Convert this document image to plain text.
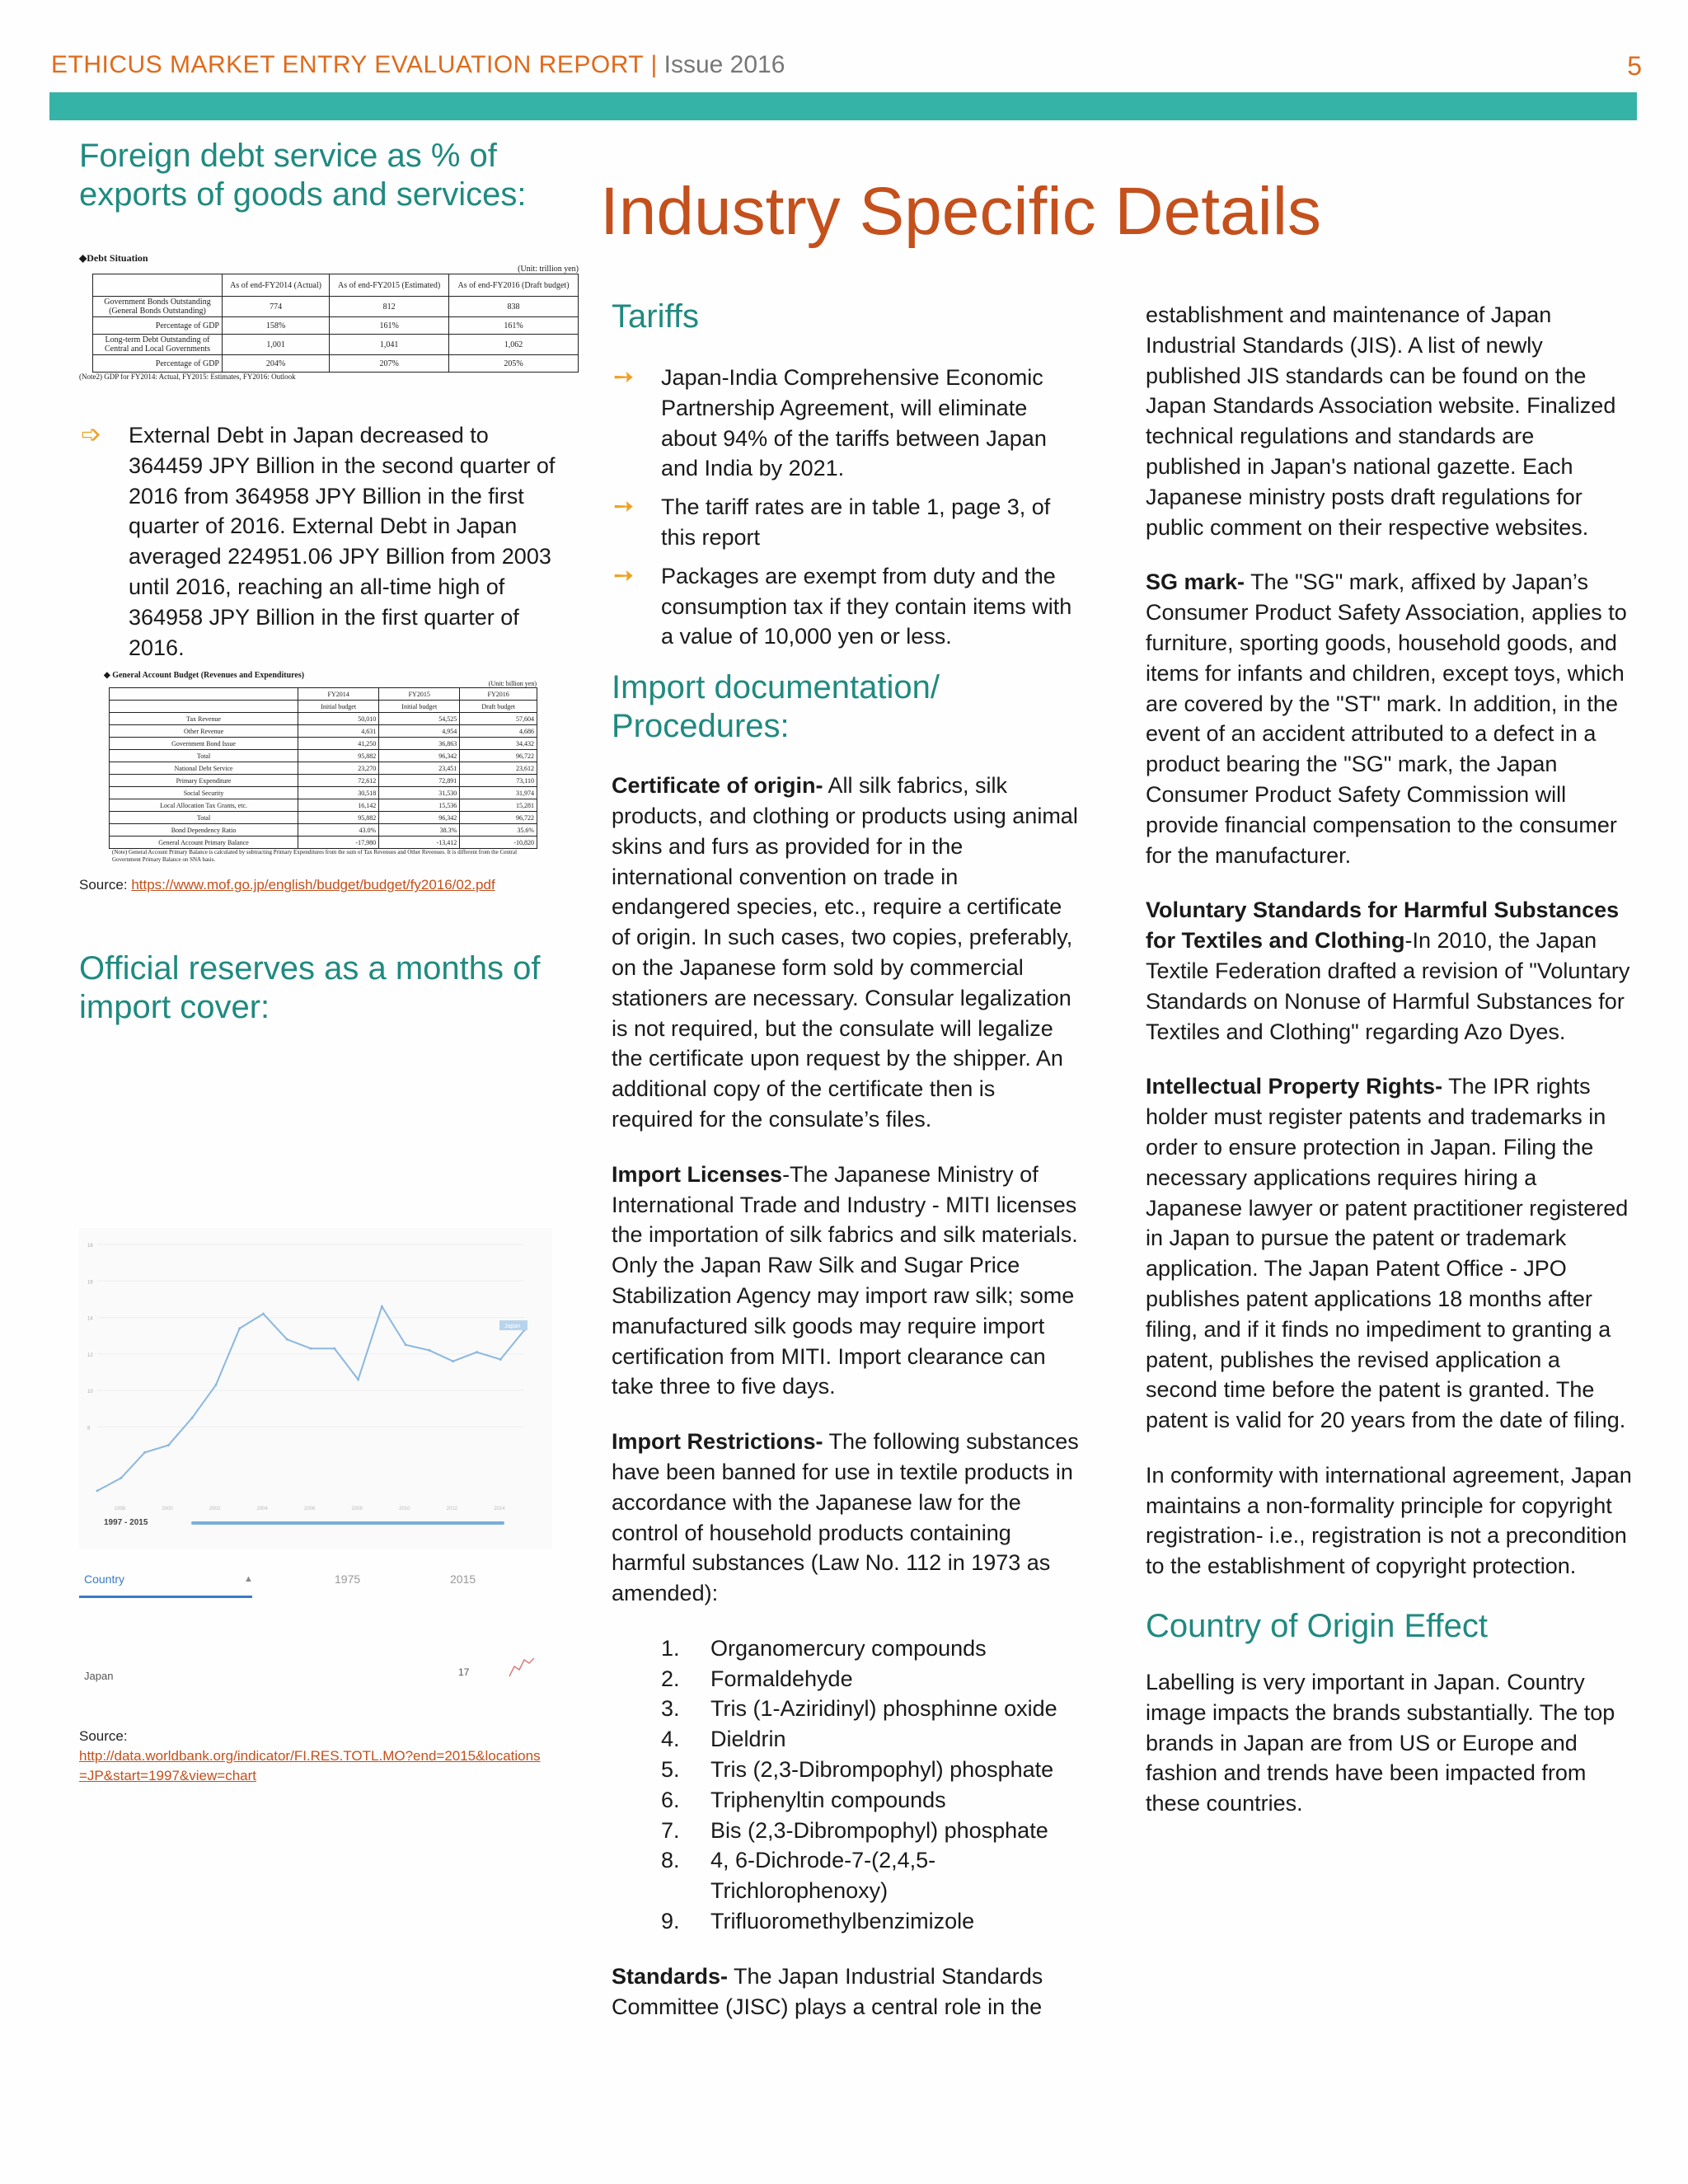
ETHICUS MARKET ENTRY EVALUATION REPORT | Issue 2016	5
Industry Specific Details
Foreign debt service as % of exports of goods and services:
◆Debt Situation
(Unit: trillion yen)
	As of end-FY2014 (Actual)	As of end-FY2015 (Estimated)	As of end-FY2016 (Draft budget)
Government Bonds Outstanding (General Bonds Outstanding)	774	812	838
Percentage of GDP	158%	161%	161%
Long-term Debt Outstanding of Central and Local Governments	1,001	1,041	1,062
Percentage of GDP	204%	207%	205%
(Note2) GDP for FY2014: Actual, FY2015: Estimates, FY2016: Outlook
➩ External Debt in Japan decreased to 364459 JPY Billion in the second quarter of 2016 from 364958 JPY Billion in the first quarter of 2016. External Debt in Japan averaged 224951.06 JPY Billion from 2003 until 2016, reaching an all-time high of 364958 JPY Billion in the first quarter of 2016.
◆ General Account Budget (Revenues and Expenditures)
(Unit: billion yen)
	FY2014	FY2015	FY2016
	Initial budget	Initial budget	Draft budget
Tax Revenue	50,010	54,525	57,604
Other Revenue	4,631	4,954	4,686
Government Bond Issue	41,250	36,863	34,432
Total	95,882	96,342	96,722
National Debt Service	23,270	23,451	23,612
Primary Expenditure	72,612	72,891	73,110
Social Security	30,518	31,530	31,974
Local Allocation Tax Grants, etc.	16,142	15,536	15,281
Total	95,882	96,342	96,722
Bond Dependency Ratio	43.0%	38.3%	35.6%
General Account Primary Balance	-17,980	-13,412	-10,820
(Note) General Account Primary Balance is calculated by subtracting Primary Expenditures from the sum of Tax Revenues and Other Revenues. It is different from the Central Government Primary Balance on SNA basis.
Source: https://www.mof.go.jp/english/budget/budget/fy2016/02.pdf
Official reserves as a months of import cover:
8
10
12
14
16
18
1998	2000	2002	2004	2006	2008	2010	2012	2014
Japan
1997 - 2015
Country	▲	1975	2015
Japan	17
Source:
http://data.worldbank.org/indicator/FI.RES.TOTL.MO?end=2015&locations=JP&start=1997&view=chart
Tariffs
➙ Japan-India Comprehensive Economic Partnership Agreement, will eliminate about 94% of the tariffs between Japan and India by 2021.
➙ The tariff rates are in table 1, page 3, of this report
➙ Packages are exempt from duty and the consumption tax if they contain items with a value of 10,000 yen or less.
Import documentation/ Procedures:

Certificate of origin- All silk fabrics, silk products, and clothing or products using animal skins and furs as provided for in the international convention on trade in endangered species, etc., require a certificate of origin. In such cases, two copies, preferably, on the Japanese form sold by commercial stationers are necessary. Consular legalization is not required, but the consulate will legalize the certificate upon request by the shipper. An additional copy of the certificate then is required for the consulate’s files.

Import Licenses-The Japanese Ministry of International Trade and Industry - MITI licenses the importation of silk fabrics and silk materials. Only the Japan Raw Silk and Sugar Price Stabilization Agency may import raw silk; some manufactured silk goods may require import certification from MITI. Import clearance can take three to five days.

Import Restrictions- The following substances have been banned for use in textile products in accordance with the Japanese law for the control of household products containing harmful substances (Law No. 112 in 1973 as amended):

1.	Organomercury compounds
2.	Formaldehyde
3.	Tris (1-Aziridinyl) phosphinne oxide
4.	Dieldrin
5.	Tris (2,3-Dibrompophyl) phosphate
6.	Triphenyltin compounds
7.	Bis (2,3-Dibrompophyl) phosphate
8.	4, 6-Dichrode-7-(2,4,5-Trichlorophenoxy)
9.	Trifluoromethylbenzimizole

Standards- The Japan Industrial Standards Committee (JISC) plays a central role in the

establishment and maintenance of Japan Industrial Standards (JIS). A list of newly published JIS standards can be found on the Japan Standards Association website. Finalized technical regulations and standards are published in Japan's national gazette. Each Japanese ministry posts draft regulations for public comment on their respective websites.

SG mark- The "SG" mark, affixed by Japan’s Consumer Product Safety Association, applies to furniture, sporting goods, household goods, and items for infants and children, except toys, which are covered by the "ST" mark. In addition, in the event of an accident attributed to a defect in a product bearing the "SG" mark, the Japan Consumer Product Safety Commission will provide financial compensation to the consumer for the manufacturer.

Voluntary Standards for Harmful Substances for Textiles and Clothing-In 2010, the Japan Textile Federation drafted a revision of "Voluntary Standards on Nonuse of Harmful Substances for Textiles and Clothing" regarding Azo Dyes.

Intellectual Property Rights- The IPR rights holder must register patents and trademarks in order to ensure protection in Japan. Filing the necessary applications requires hiring a Japanese lawyer or patent practitioner registered in Japan to pursue the patent or trademark application. The Japan Patent Office - JPO publishes patent applications 18 months after filing, and if it finds no impediment to granting a patent, publishes the revised application a second time before the patent is granted. The patent is valid for 20 years from the date of filing.

In conformity with international agreement, Japan maintains a non-formality principle for copyright registration- i.e., registration is not a precondition to the establishment of copyright protection.

Country of Origin Effect

Labelling is very important in Japan. Country image impacts the brands substantially. The top brands in Japan are from US or Europe and fashion and trends have been impacted from these countries.
